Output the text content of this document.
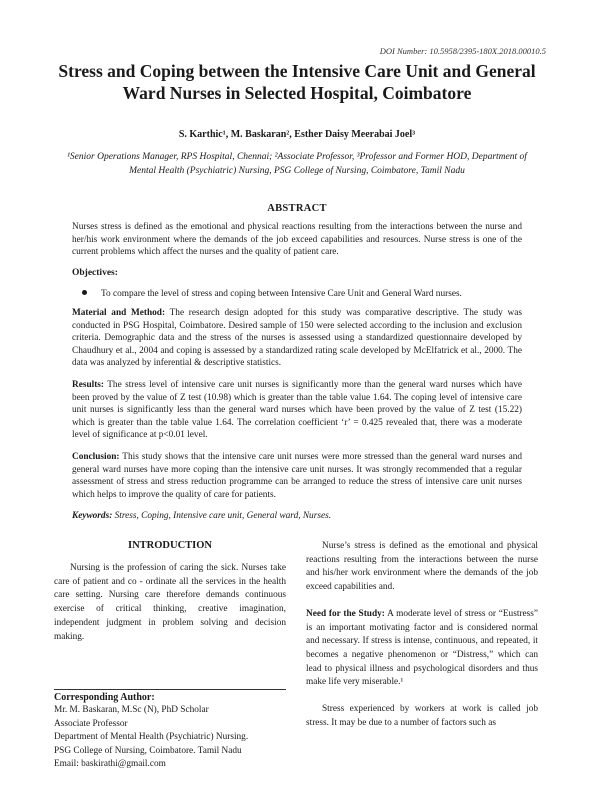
DOI Number: 10.5958/2395-180X.2018.00010.5
Stress and Coping between the Intensive Care Unit and General Ward Nurses in Selected Hospital, Coimbatore
S. Karthic¹, M. Baskaran², Esther Daisy Meerabai Joel³
¹Senior Operations Manager, RPS Hospital, Chennai; ²Associate Professor, ³Professor and Former HOD, Department of Mental Health (Psychiatric) Nursing, PSG College of Nursing, Coimbatore, Tamil Nadu
ABSTRACT

Nurses stress is defined as the emotional and physical reactions resulting from the interactions between the nurse and her/his work environment where the demands of the job exceed capabilities and resources. Nurse stress is one of the current problems which affect the nurses and the quality of patient care.

Objectives:
To compare the level of stress and coping between Intensive Care Unit and General Ward nurses.

Material and Method: The research design adopted for this study was comparative descriptive. The study was conducted in PSG Hospital, Coimbatore. Desired sample of 150 were selected according to the inclusion and exclusion criteria. Demographic data and the stress of the nurses is assessed using a standardized questionnaire developed by Chaudhury et al., 2004 and coping is assessed by a standardized rating scale developed by McElfatrick et al., 2000. The data was analyzed by inferential & descriptive statistics.

Results: The stress level of intensive care unit nurses is significantly more than the general ward nurses which have been proved by the value of Z test (10.98) which is greater than the table value 1.64. The coping level of intensive care unit nurses is significantly less than the general ward nurses which have been proved by the value of Z test (15.22) which is greater than the table value 1.64. The correlation coefficient ‘r’ = 0.425 revealed that, there was a moderate level of significance at p<0.01 level.

Conclusion: This study shows that the intensive care unit nurses were more stressed than the general ward nurses and general ward nurses have more coping than the intensive care unit nurses. It was strongly recommended that a regular assessment of stress and stress reduction programme can be arranged to reduce the stress of intensive care unit nurses which helps to improve the quality of care for patients.

Keywords: Stress, Coping, Intensive care unit, General ward, Nurses.
INTRODUCTION

Nursing is the profession of caring the sick. Nurses take care of patient and co - ordinate all the services in the health care setting. Nursing care therefore demands continuous exercise of critical thinking, creative imagination, independent judgment in problem solving and decision making.

Corresponding Author:
Mr. M. Baskaran, M.Sc (N), PhD Scholar
Associate Professor
Department of Mental Health (Psychiatric) Nursing.
PSG College of Nursing, Coimbatore. Tamil Nadu
Email: baskirathi@gmail.com

Nurse’s stress is defined as the emotional and physical reactions resulting from the interactions between the nurse and his/her work environment where the demands of the job exceed capabilities and.

Need for the Study: A moderate level of stress or “Eustress” is an important motivating factor and is considered normal and necessary. If stress is intense, continuous, and repeated, it becomes a negative phenomenon or “Distress,” which can lead to physical illness and psychological disorders and thus make life very miserable.¹

Stress experienced by workers at work is called job stress. It may be due to a number of factors such as
